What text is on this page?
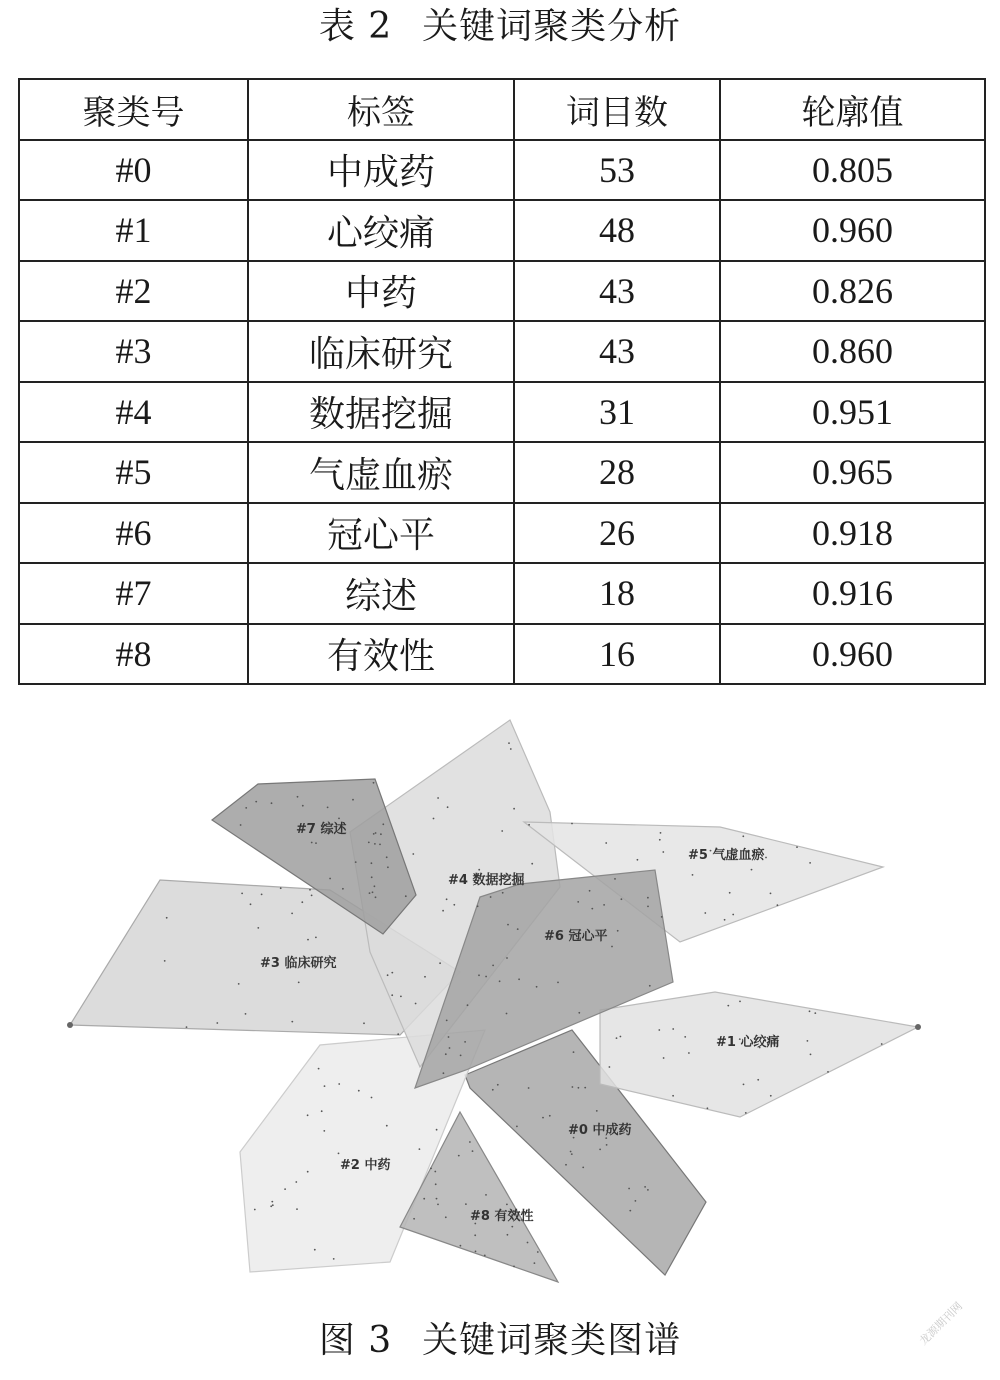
表 2 关键词聚类分析
聚类号	标签	词目数	轮廓值
#0	中成药	53	0.805
#1	心绞痛	48	0.960
#2	中药	43	0.826
#3	临床研究	43	0.860
#4	数据挖掘	31	0.951
#5	气虚血瘀	28	0.965
#6	冠心平	26	0.918
#7	综述	18	0.916
#8	有效性	16	0.960
#0 中成药
#1 心绞痛
#2 中药
#3 临床研究
#4 数据挖掘
#5 气虚血瘀
#6 冠心平
#7 综述
#8 有效性
图 3 关键词聚类图谱	龙源期刊网
